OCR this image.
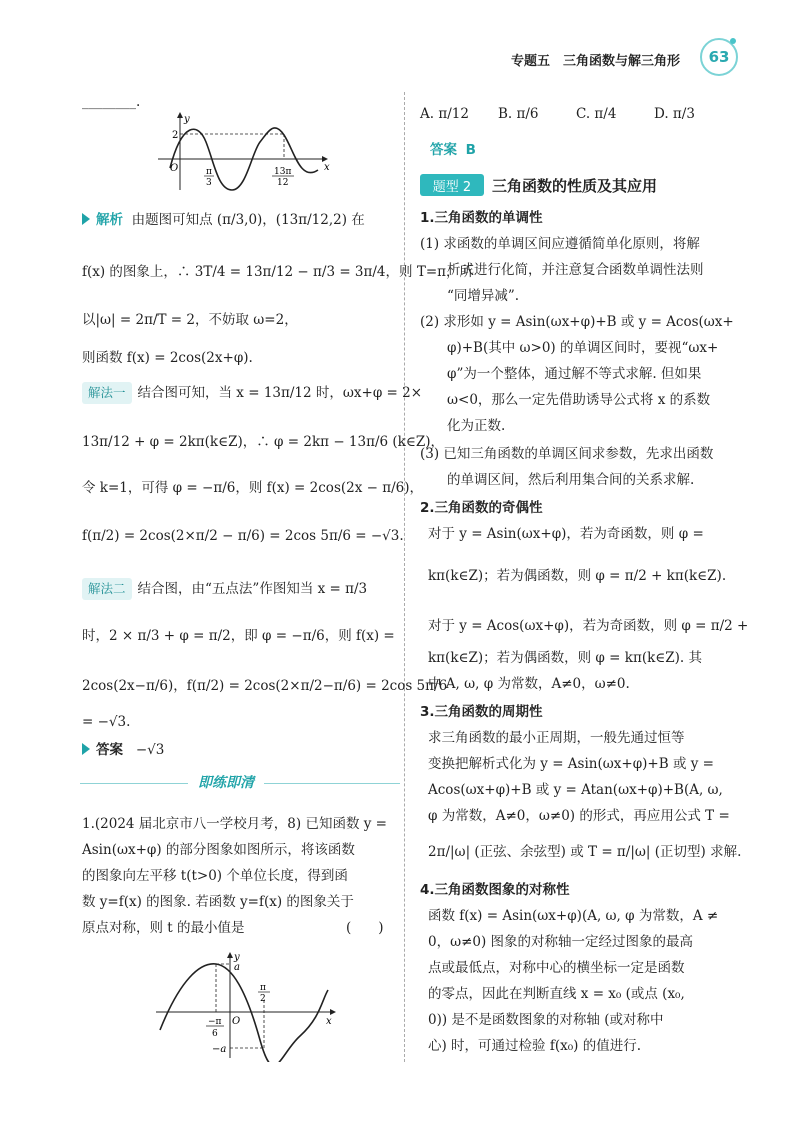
专题五　三角函数与解三角形	63
________.
2
y
x
O	π
3
13π
12
解析 由题图可知点 (π/3,0)，(13π/12,2) 在
f(x) 的图象上，∴ 3T/4 = 13π/12 − π/3 = 3π/4，则 T=π，所
以|ω| = 2π/T = 2，不妨取 ω=2，
则函数 f(x) = 2cos(2x+φ).
解法一 结合图可知，当 x = 13π/12 时，ωx+φ = 2×
13π/12 + φ = 2kπ(k∈Z)，∴ φ = 2kπ − 13π/6 (k∈Z)，
令 k=1，可得 φ = −π/6，则 f(x) = 2cos(2x − π/6)，
f(π/2) = 2cos(2×π/2 − π/6) = 2cos 5π/6 = −√3.
解法二 结合图，由“五点法”作图知当 x = π/3
时，2 × π/3 + φ = π/2，即 φ = −π/6，则 f(x) =
2cos(2x−π/6)，f(π/2) = 2cos(2×π/2−π/6) = 2cos 5π/6
= −√3.
答案 −√3
即练即清
1.(2024 届北京市八一学校月考，8) 已知函数 y =
Asin(ωx+φ) 的部分图象如图所示，将该函数
的图象向左平移 t(t>0) 个单位长度，得到函
数 y=f(x) 的图象. 若函数 y=f(x) 的图象关于
原点对称，则 t 的最小值是	(　　)
a
−a
y
x
O
−π
6
π
2
A. π/12 B. π/6	C. π/4	D. π/3
答案 B
题型 2	三角函数的性质及其应用
1.三角函数的单调性
(1) 求函数的单调区间应遵循简单化原则，将解
　　析式进行化简，并注意复合函数单调性法则
　　“同增异减”.
(2) 求形如 y = Asin(ωx+φ)+B 或 y = Acos(ωx+
　　φ)+B(其中 ω>0) 的单调区间时，要视“ωx+
　　φ”为一个整体，通过解不等式求解. 但如果
　　ω<0，那么一定先借助诱导公式将 x 的系数
　　化为正数.
(3) 已知三角函数的单调区间求参数，先求出函数
　　的单调区间，然后利用集合间的关系求解.
2.三角函数的奇偶性
对于 y = Asin(ωx+φ)，若为奇函数，则 φ =
kπ(k∈Z)；若为偶函数，则 φ = π/2 + kπ(k∈Z).
对于 y = Acos(ωx+φ)，若为奇函数，则 φ = π/2 +
kπ(k∈Z)；若为偶函数，则 φ = kπ(k∈Z). 其
中 A, ω, φ 为常数，A≠0，ω≠0.
3.三角函数的周期性
求三角函数的最小正周期，一般先通过恒等
变换把解析式化为 y = Asin(ωx+φ)+B 或 y =
Acos(ωx+φ)+B 或 y = Atan(ωx+φ)+B(A, ω,
φ 为常数，A≠0，ω≠0) 的形式，再应用公式 T =
2π/|ω| (正弦、余弦型) 或 T = π/|ω| (正切型) 求解.
4.三角函数图象的对称性
函数 f(x) = Asin(ωx+φ)(A, ω, φ 为常数，A ≠
0，ω≠0) 图象的对称轴一定经过图象的最高
点或最低点，对称中心的横坐标一定是函数
的零点，因此在判断直线 x = x₀ (或点 (x₀,
0)) 是不是函数图象的对称轴 (或对称中
心) 时，可通过检验 f(x₀) 的值进行.
